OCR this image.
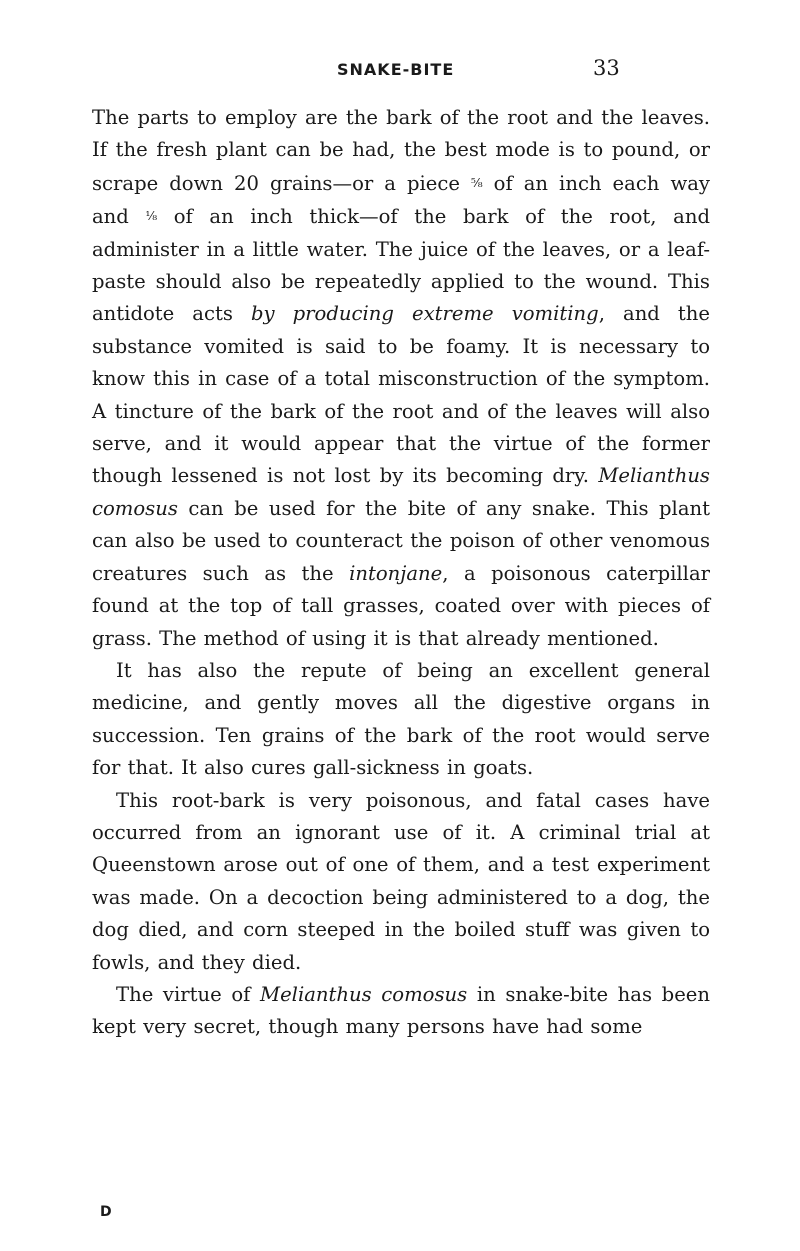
SNAKE-BITE	33

The parts to employ are the bark of the root and the leaves. If the fresh plant can be had, the best mode is to pound, or scrape down 20 grains—or a piece ⅝ of an inch each way and ⅛ of an inch thick—of the bark of the root, and administer in a little water. The juice of the leaves, or a leaf-paste should also be repeatedly applied to the wound. This antidote acts by producing extreme vomiting, and the substance vomited is said to be foamy. It is necessary to know this in case of a total misconstruction of the symptom. A tincture of the bark of the root and of the leaves will also serve, and it would appear that the virtue of the former though lessened is not lost by its becoming dry. Melianthus comosus can be used for the bite of any snake. This plant can also be used to counteract the poison of other venomous creatures such as the intonjane, a poisonous caterpillar found at the top of tall grasses, coated over with pieces of grass. The method of using it is that already mentioned.

It has also the repute of being an excellent general medicine, and gently moves all the digestive organs in succession. Ten grains of the bark of the root would serve for that. It also cures gall-sickness in goats.

This root-bark is very poisonous, and fatal cases have occurred from an ignorant use of it. A criminal trial at Queenstown arose out of one of them, and a test experiment was made. On a decoction being administered to a dog, the dog died, and corn steeped in the boiled stuff was given to fowls, and they died.

The virtue of Melianthus comosus in snake-bite has been kept very secret, though many persons have had some

D
